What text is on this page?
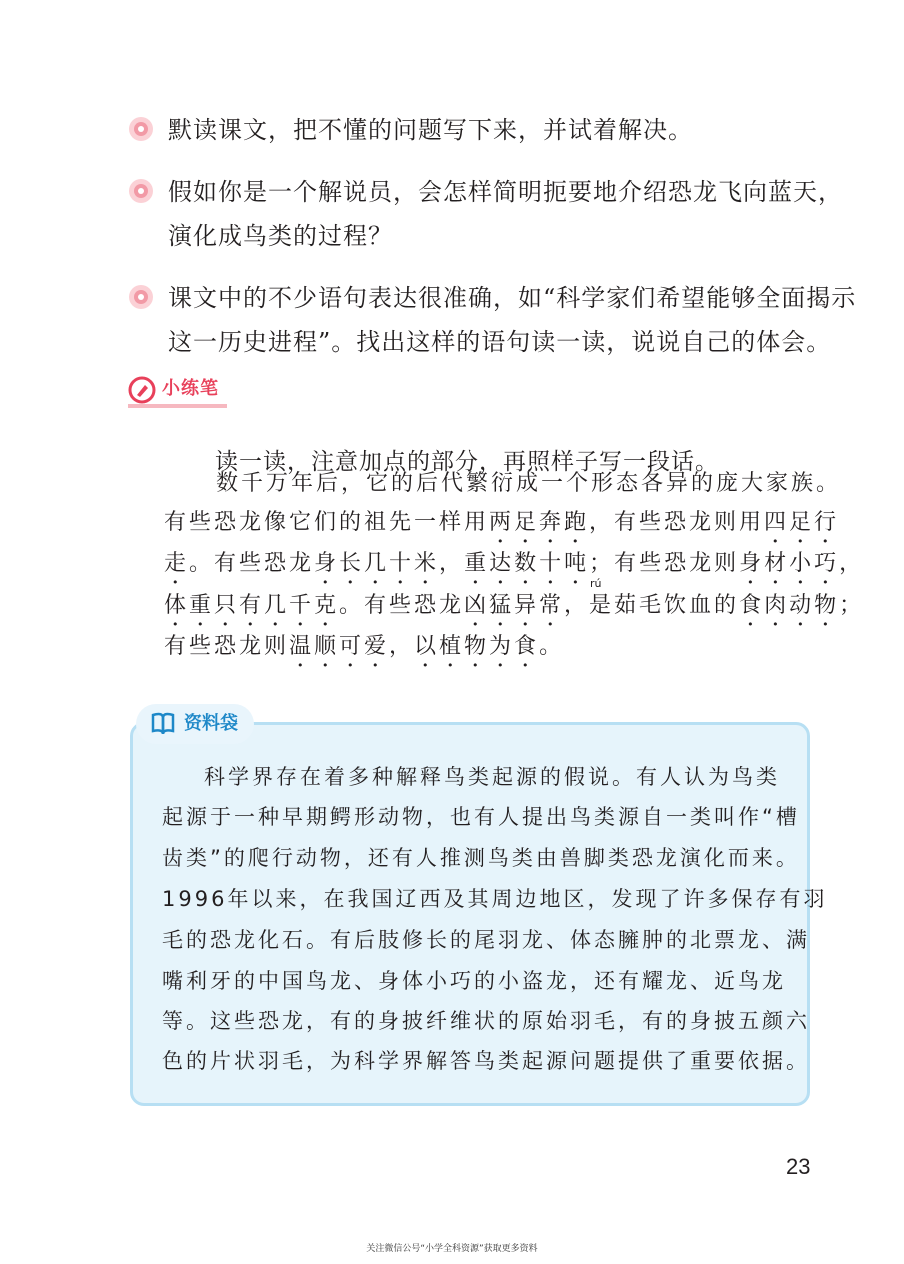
默读课文，把不懂的问题写下来，并试着解决。
假如你是一个解说员，会怎样简明扼要地介绍恐龙飞向蓝天，
演化成鸟类的过程？
课文中的不少语句表达很准确，如“科学家们希望能够全面揭示
这一历史进程”。找出这样的语句读一读，说说自己的体会。
小练笔
读一读，注意加点的部分，再照样子写一段话。
rú
数千万年后，它的后代繁衍成一个形态各异的庞大家族。
有些恐龙像它们的祖先一样用两足奔跑，有些恐龙则用四足行
走。有些恐龙身长几十米，重达数十吨；有些恐龙则身材小巧，
体重只有几千克。有些恐龙凶猛异常，是茹毛饮血的食肉动物；
有些恐龙则温顺可爱，以植物为食。
资料袋
科学界存在着多种解释鸟类起源的假说。有人认为鸟类
起源于一种早期鳄形动物，也有人提出鸟类源自一类叫作“槽
齿类”的爬行动物，还有人推测鸟类由兽脚类恐龙演化而来。
1996年以来，在我国辽西及其周边地区，发现了许多保存有羽
毛的恐龙化石。有后肢修长的尾羽龙、体态臃肿的北票龙、满
嘴利牙的中国鸟龙、身体小巧的小盗龙，还有耀龙、近鸟龙
等。这些恐龙，有的身披纤维状的原始羽毛，有的身披五颜六
色的片状羽毛，为科学界解答鸟类起源问题提供了重要依据。
23
关注微信公号“小学全科资源”获取更多资料
